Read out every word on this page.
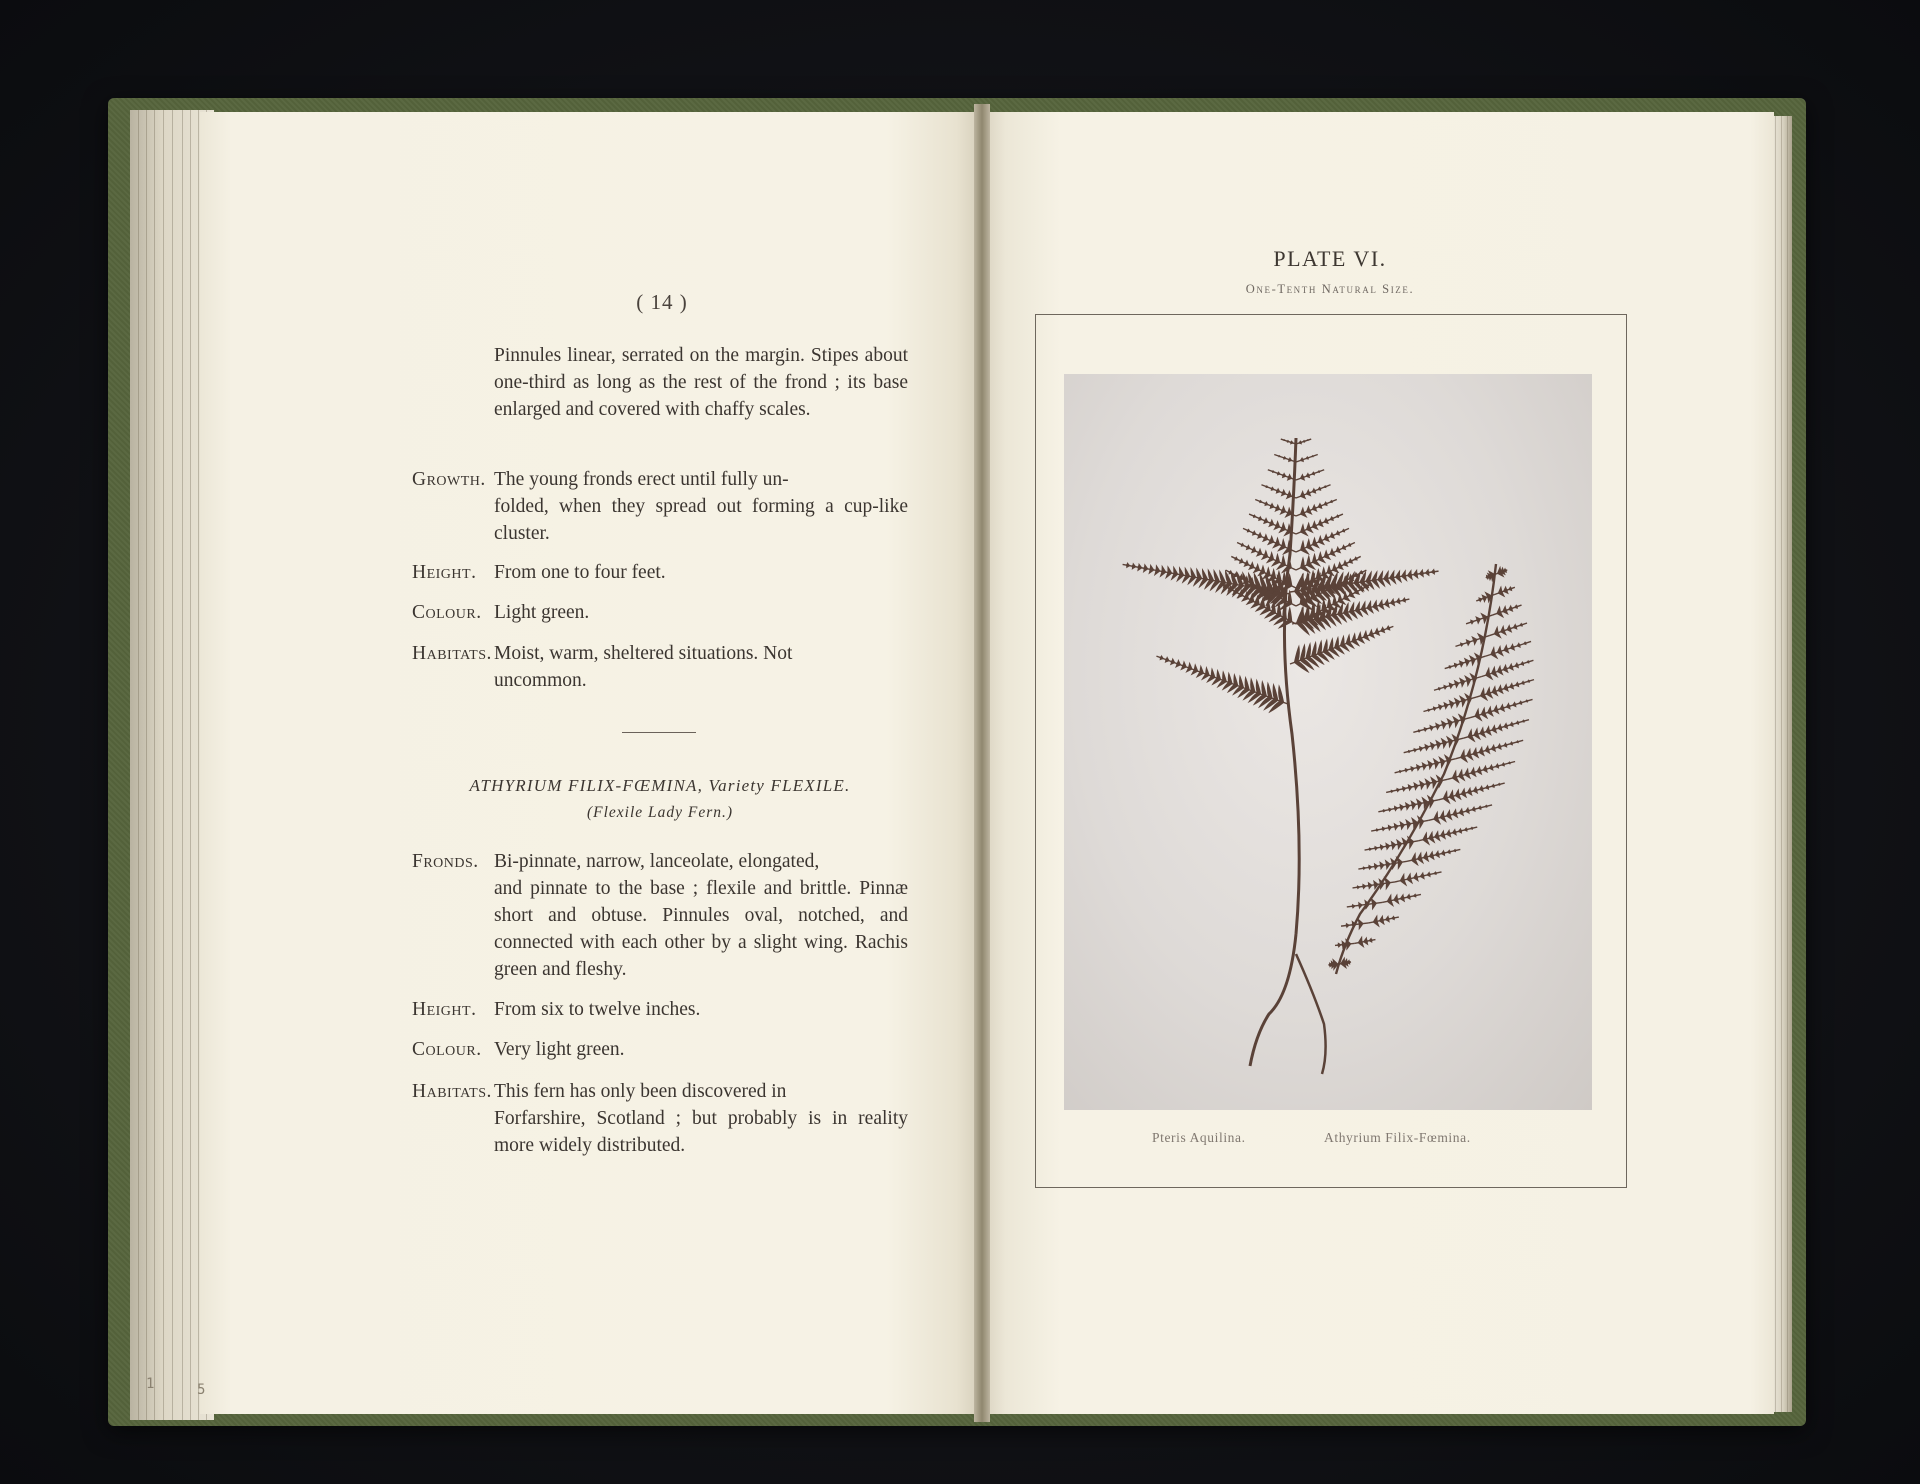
1	5
( 14 )
Pinnules linear, serrated on the margin. Stipes about one-third as long as the rest of the frond ; its base enlarged and covered with chaffy scales.
Growth. The young fronds erect until fully un-
folded, when they spread out forming a cup-like cluster.
Height. From one to four feet.
Colour. Light green.
Habitats. Moist, warm, sheltered situations. Not
uncommon.
ATHYRIUM FILIX-FŒMINA, Variety FLEXILE.
(Flexile Lady Fern.)
Fronds. Bi-pinnate, narrow, lanceolate, elongated,
and pinnate to the base ; flexile and brittle. Pinnæ short and obtuse. Pinnules oval, notched, and connected with each other by a slight wing. Rachis green and fleshy.
Height. From six to twelve inches.
Colour. Very light green.
Habitats. This fern has only been discovered in
Forfarshire, Scotland ; but probably is in reality more widely distributed.
PLATE VI.
One-Tenth Natural Size.
Pteris Aquilina.	Athyrium Filix-Fœmina.
